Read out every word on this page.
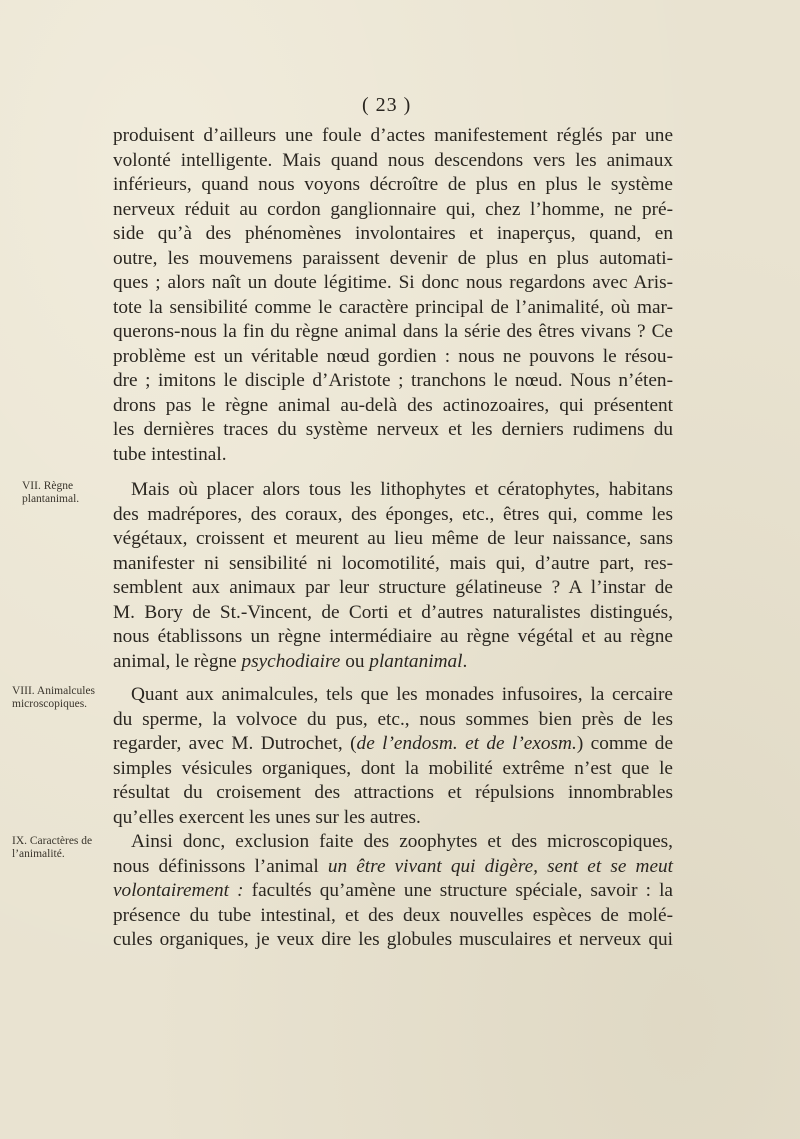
( 23 )
produisent d’ailleurs une foule d’actes manifestement réglés par une
volonté intelligente. Mais quand nous descendons vers les animaux
inférieurs, quand nous voyons décroître de plus en plus le système
nerveux réduit au cordon ganglionnaire qui, chez l’homme, ne pré-
side qu’à des phénomènes involontaires et inaperçus, quand, en
outre, les mouvemens paraissent devenir de plus en plus automati-
ques ; alors naît un doute légitime. Si donc nous regardons avec Aris-
tote la sensibilité comme le caractère principal de l’animalité, où mar-
querons-nous la fin du règne animal dans la série des êtres vivans ? Ce
problème est un véritable nœud gordien : nous ne pouvons le résou-
dre ; imitons le disciple d’Aristote ; tranchons le nœud. Nous n’éten-
drons pas le règne animal au-delà des actinozoaires, qui présentent
les dernières traces du système nerveux et les derniers rudimens du
tube intestinal.
VII. Règne
plantanimal.	Mais où placer alors tous les lithophytes et cératophytes, habitans
des madrépores, des coraux, des éponges, etc., êtres qui, comme les
végétaux, croissent et meurent au lieu même de leur naissance, sans
manifester ni sensibilité ni locomotilité, mais qui, d’autre part, res-
semblent aux animaux par leur structure gélatineuse ? A l’instar de
M. Bory de St.-Vincent, de Corti et d’autres naturalistes distingués,
nous établissons un règne intermédiaire au règne végétal et au règne
animal, le règne psychodiaire ou plantanimal.
VIII. Animalcules
microscopiques.	Quant aux animalcules, tels que les monades infusoires, la cercaire
du sperme, la volvoce du pus, etc., nous sommes bien près de les
regarder, avec M. Dutrochet, (de l’endosm. et de l’exosm.) comme de
simples vésicules organiques, dont la mobilité extrême n’est que le
résultat du croisement des attractions et répulsions innombrables
qu’elles exercent les unes sur les autres.
IX. Caractères de
l’animalité.
Ainsi donc, exclusion faite des zoophytes et des microscopiques,
nous définissons l’animal un être vivant qui digère, sent et se meut
volontairement : facultés qu’amène une structure spéciale, savoir : la
présence du tube intestinal, et des deux nouvelles espèces de molé-
cules organiques, je veux dire les globules musculaires et nerveux qui
